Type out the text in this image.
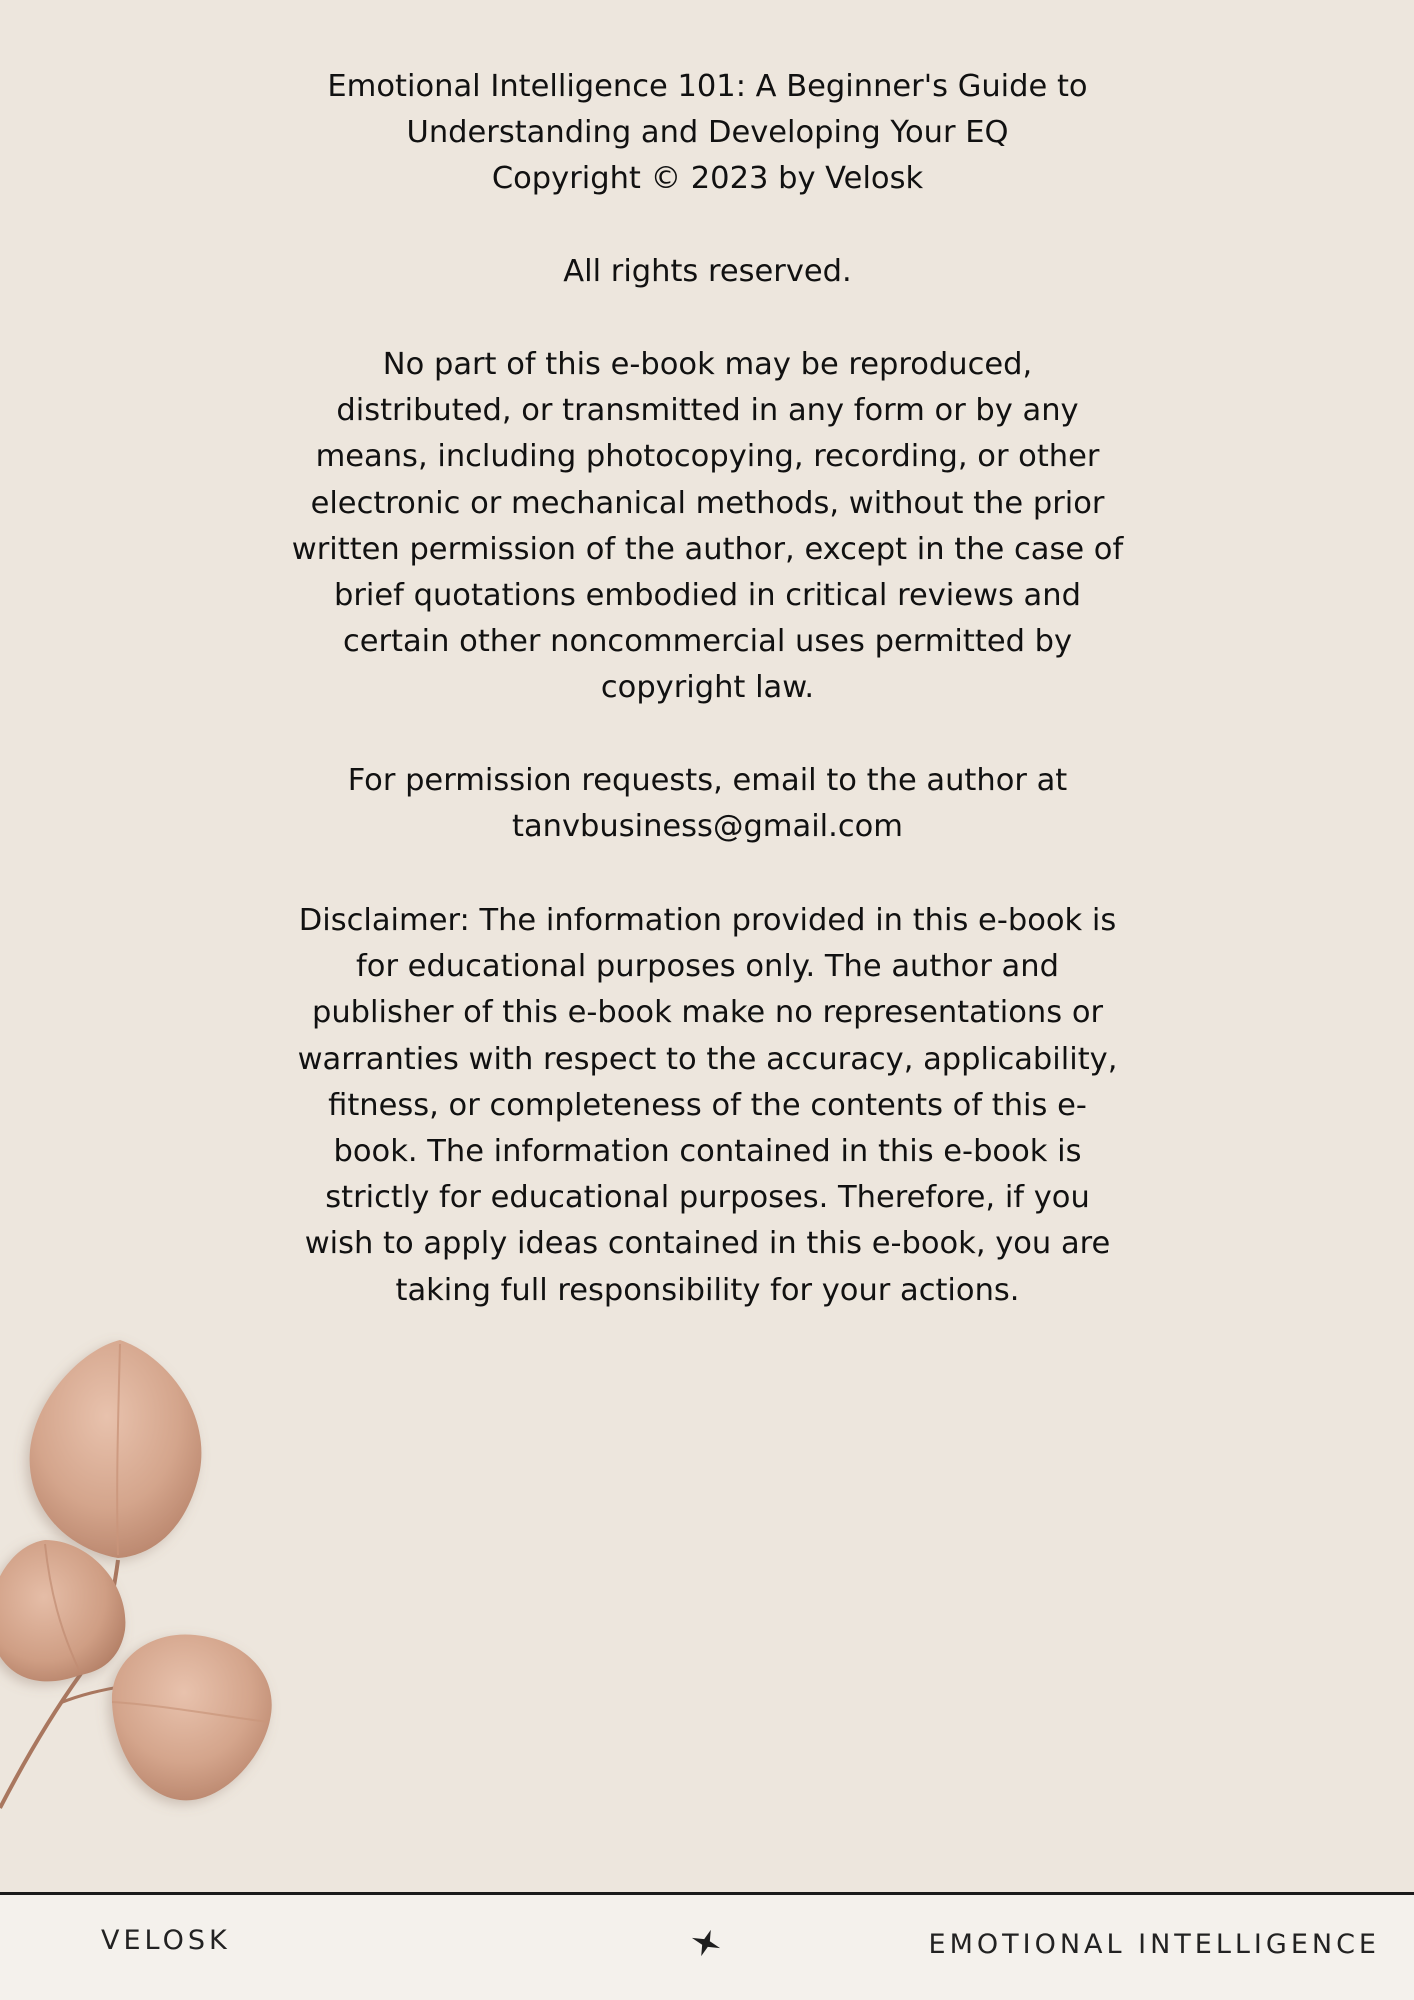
Emotional Intelligence 101: A Beginner's Guide to
Understanding and Developing Your EQ
Copyright © 2023 by Velosk
All rights reserved.
No part of this e-book may be reproduced,
distributed, or transmitted in any form or by any
means, including photocopying, recording, or other
electronic or mechanical methods, without the prior
written permission of the author, except in the case of
brief quotations embodied in critical reviews and
certain other noncommercial uses permitted by
copyright law.
For permission requests, email to the author at
tanvbusiness@gmail.com
Disclaimer: The information provided in this e-book is
for educational purposes only. The author and
publisher of this e-book make no representations or
warranties with respect to the accuracy, applicability,
fitness, or completeness of the contents of this e-
book. The information contained in this e-book is
strictly for educational purposes. Therefore, if you
wish to apply ideas contained in this e-book, you are
taking full responsibility for your actions.
VELOSK	EMOTIONAL INTELLIGENCE
